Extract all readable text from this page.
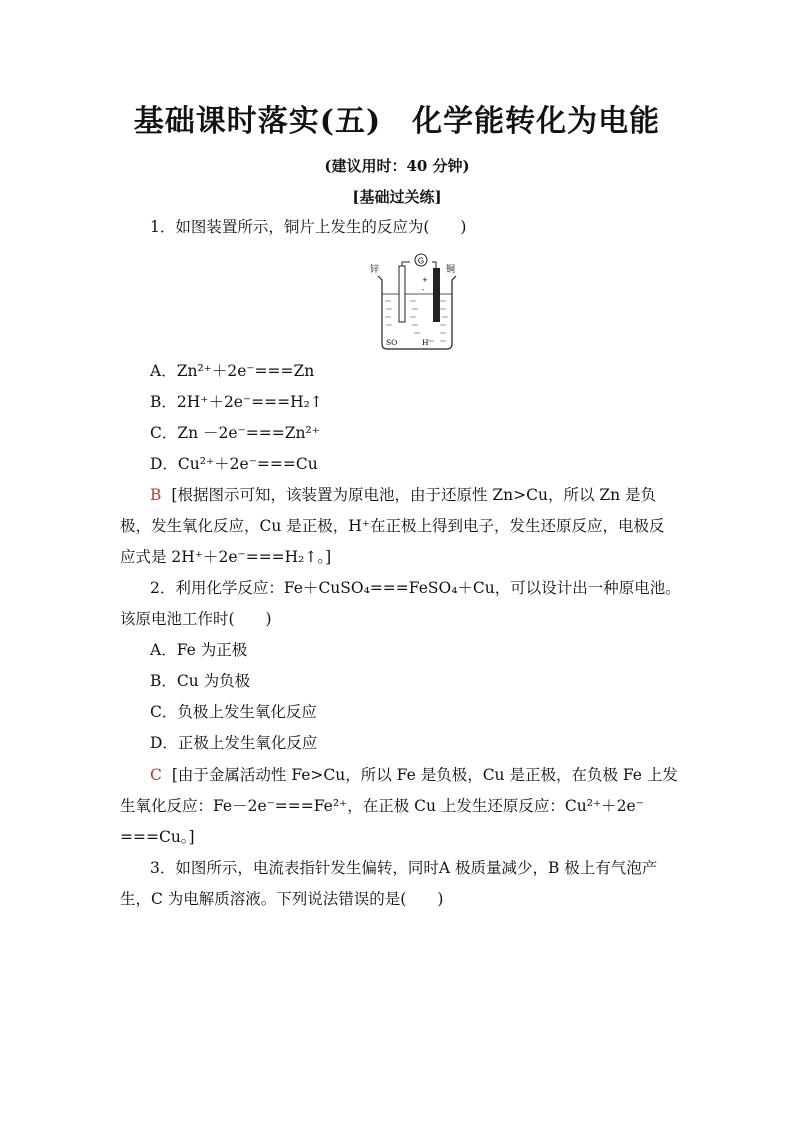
基础课时落实(五)　化学能转化为电能
(建议用时：40 分钟)
[基础过关练]
1．如图装置所示，铜片上发生的反应为(　　)
G
锌	铜
+
-
SO	H
A．Zn²⁺＋2e⁻===Zn
B．2H⁺＋2e⁻===H₂↑
C．Zn －2e⁻===Zn²⁺
D．Cu²⁺＋2e⁻===Cu
B [根据图示可知，该装置为原电池，由于还原性 Zn>Cu，所以 Zn 是负
极，发生氧化反应，Cu 是正极，H⁺在正极上得到电子，发生还原反应，电极反
应式是 2H⁺＋2e⁻===H₂↑。]
2．利用化学反应：Fe＋CuSO₄===FeSO₄＋Cu，可以设计出一种原电池。
该原电池工作时(　　)
A．Fe 为正极
B．Cu 为负极
C．负极上发生氧化反应
D．正极上发生氧化反应
C [由于金属活动性 Fe>Cu，所以 Fe 是负极，Cu 是正极，在负极 Fe 上发
生氧化反应：Fe－2e⁻===Fe²⁺，在正极 Cu 上发生还原反应：Cu²⁺＋2e⁻
===Cu。]
3．如图所示，电流表指针发生偏转，同时A 极质量减少，B 极上有气泡产
生，C 为电解质溶液。下列说法错误的是(　　)
